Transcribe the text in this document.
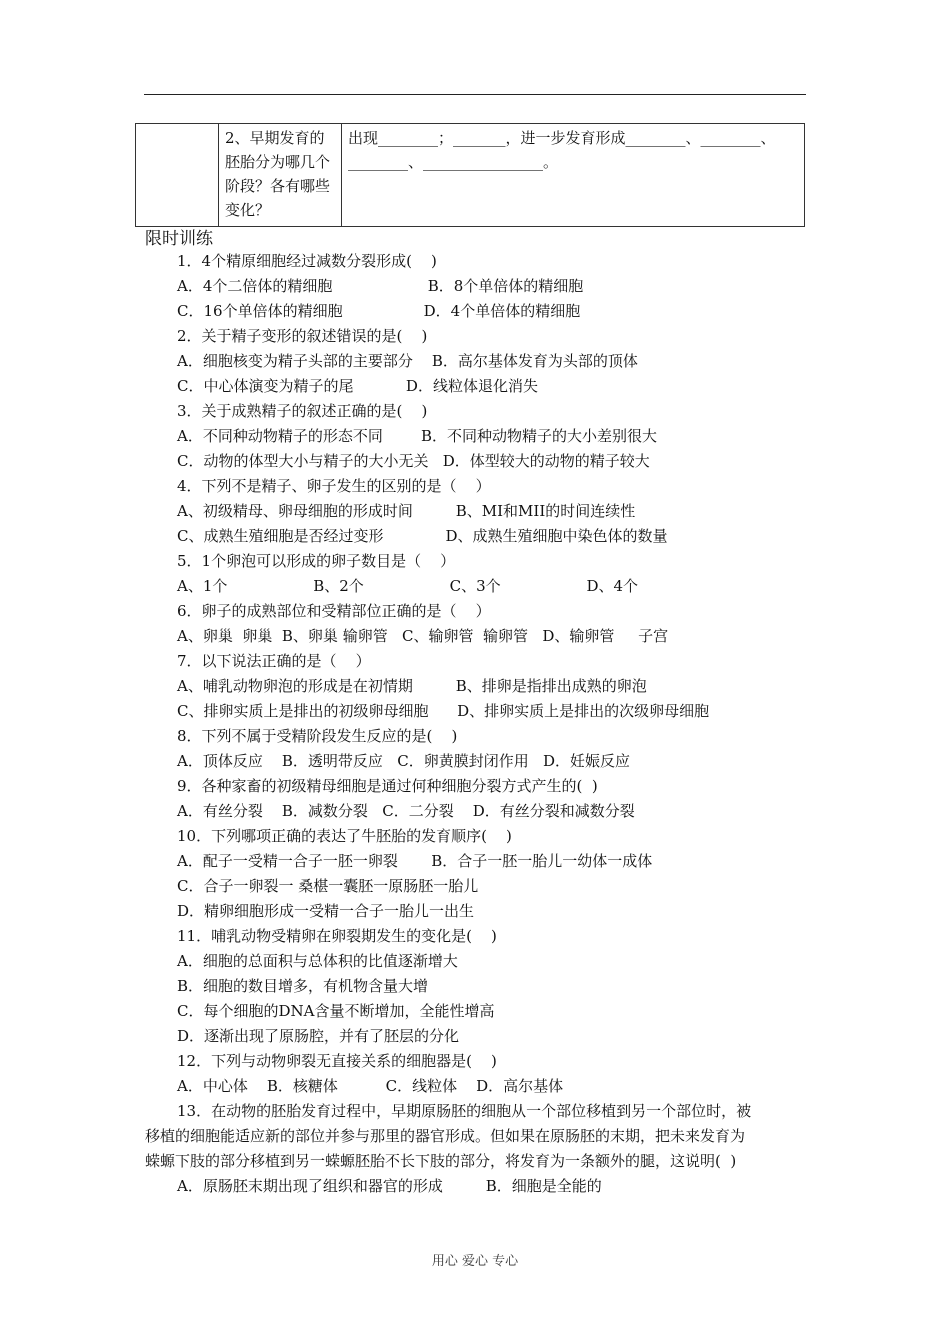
	2、早期发育的胚胎分为哪几个阶段？各有哪些变化？	出现________；_______，进一步发育形成________、________、________、________________。
限时训练
1．4个精原细胞经过减数分裂形成(    )
A．4个二倍体的精细胞                    B．8个单倍体的精细胞
C．16个单倍体的精细胞                 D．4个单倍体的精细胞
2．关于精子变形的叙述错误的是(    )
A．细胞核变为精子头部的主要部分    B．高尔基体发育为头部的顶体
C．中心体演变为精子的尾           D．线粒体退化消失
3．关于成熟精子的叙述正确的是(    )
A．不同种动物精子的形态不同        B．不同种动物精子的大小差别很大
C．动物的体型大小与精子的大小无关   D．体型较大的动物的精子较大
4．下列不是精子、卵子发生的区别的是（    ）
A、初级精母、卵母细胞的形成时间         B、MI和MII的时间连续性
C、成熟生殖细胞是否经过变形             D、成熟生殖细胞中染色体的数量
5．1个卵泡可以形成的卵子数目是（    ）
A、1个                  B、2个                  C、3个                  D、4个
6．卵子的成熟部位和受精部位正确的是（    ）
A、卵巢  卵巢  B、卵巢 输卵管   C、输卵管  输卵管   D、输卵管     子宫
7．以下说法正确的是（    ）
A、哺乳动物卵泡的形成是在初情期         B、排卵是指排出成熟的卵泡
C、排卵实质上是排出的初级卵母细胞      D、排卵实质上是排出的次级卵母细胞
8．下列不属于受精阶段发生反应的是(    )
A．顶体反应    B．透明带反应   C．卵黄膜封闭作用   D．妊娠反应
9．各种家畜的初级精母细胞是通过何种细胞分裂方式产生的(  )
A．有丝分裂    B．减数分裂   C．二分裂    D．有丝分裂和减数分裂
10．下列哪项正确的表达了牛胚胎的发育顺序(    )
A．配子一受精一合子一胚一卵裂       B．合子一胚一胎儿一幼体一成体
C．合子一卵裂一 桑椹一囊胚一原肠胚一胎儿
D．精卵细胞形成一受精一合子一胎儿一出生
11．哺乳动物受精卵在卵裂期发生的变化是(    )
A．细胞的总面积与总体积的比值逐渐增大
B．细胞的数目增多，有机物含量大增
C．每个细胞的DNA含量不断增加，全能性增高
D．逐渐出现了原肠腔，并有了胚层的分化
12．下列与动物卵裂无直接关系的细胞器是(    )
A．中心体    B．核糖体          C．线粒体    D．高尔基体
13．在动物的胚胎发育过程中，早期原肠胚的细胞从一个部位移植到另一个部位时，被
移植的细胞能适应新的部位并参与那里的器官形成。但如果在原肠胚的末期，把未来发育为
蝾螈下肢的部分移植到另一蝾螈胚胎不长下肢的部分，将发育为一条额外的腿，这说明(  )
A．原肠胚末期出现了组织和器官的形成         B．细胞是全能的
用心 爱心 专心
